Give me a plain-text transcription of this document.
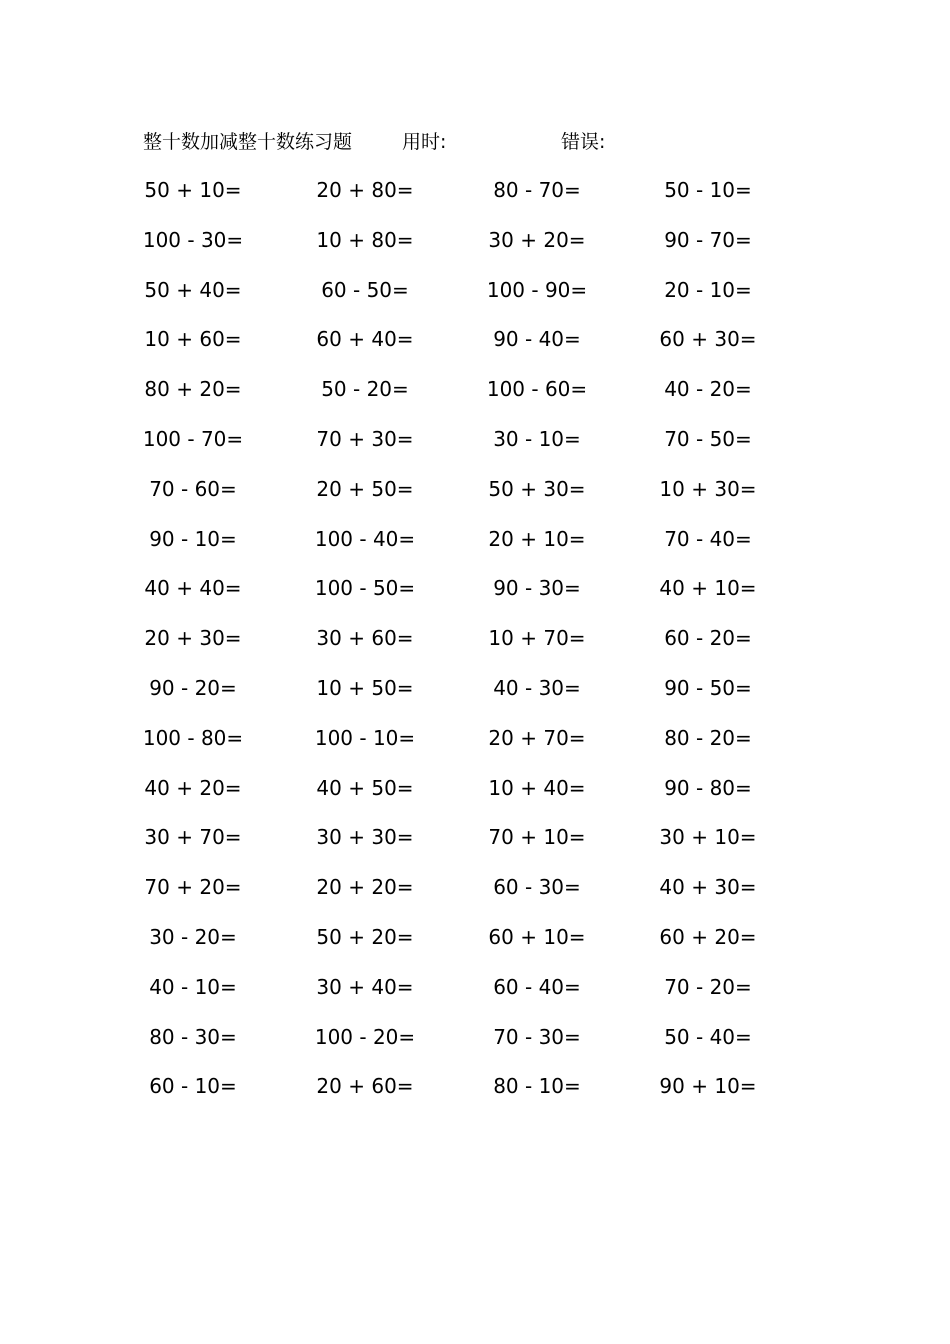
整十数加减整十数练习题	用时:	错误:
50 + 10=	20 + 80=	80 - 70=	50 - 10=
100 - 30=	10 + 80=	30 + 20=	90 - 70=
50 + 40=	60 - 50=	100 - 90=	20 - 10=
10 + 60=	60 + 40=	90 - 40=	60 + 30=
80 + 20=	50 - 20=	100 - 60=	40 - 20=
100 - 70=	70 + 30=	30 - 10=	70 - 50=
70 - 60=	20 + 50=	50 + 30=	10 + 30=
90 - 10=	100 - 40=	20 + 10=	70 - 40=
40 + 40=	100 - 50=	90 - 30=	40 + 10=
20 + 30=	30 + 60=	10 + 70=	60 - 20=
90 - 20=	10 + 50=	40 - 30=	90 - 50=
100 - 80=	100 - 10=	20 + 70=	80 - 20=
40 + 20=	40 + 50=	10 + 40=	90 - 80=
30 + 70=	30 + 30=	70 + 10=	30 + 10=
70 + 20=	20 + 20=	60 - 30=	40 + 30=
30 - 20=	50 + 20=	60 + 10=	60 + 20=
40 - 10=	30 + 40=	60 - 40=	70 - 20=
80 - 30=	100 - 20=	70 - 30=	50 - 40=
60 - 10=	20 + 60=	80 - 10=	90 + 10=
